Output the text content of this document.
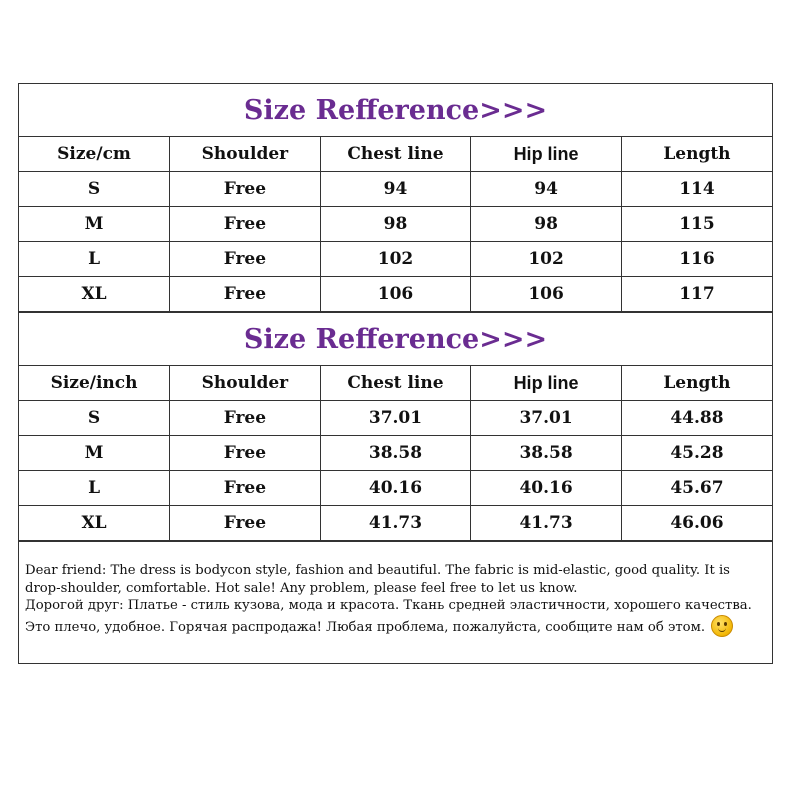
Size Refference>>>
Size/cm	Shoulder	Chest line	Hip line	Length
S	Free	94	94	114
M	Free	98	98	115
L	Free	102	102	116
XL	Free	106	106	117
Size Refference>>>
Size/inch	Shoulder	Chest line	Hip line	Length
S	Free	37.01	37.01	44.88
M	Free	38.58	38.58	45.28
L	Free	40.16	40.16	45.67
XL	Free	41.73	41.73	46.06

Dear friend: The dress is bodycon style, fashion and beautiful. The fabric is mid-elastic, good quality. It is drop-shoulder, comfortable. Hot sale! Any problem, please feel free to let us know.

Дорогой друг: Платье - стиль кузова, мода и красота. Ткань средней эластичности, хорошего качества. Это плечо, удобное. Горячая распродажа! Любая проблема, пожалуйста, сообщите нам об этом.
